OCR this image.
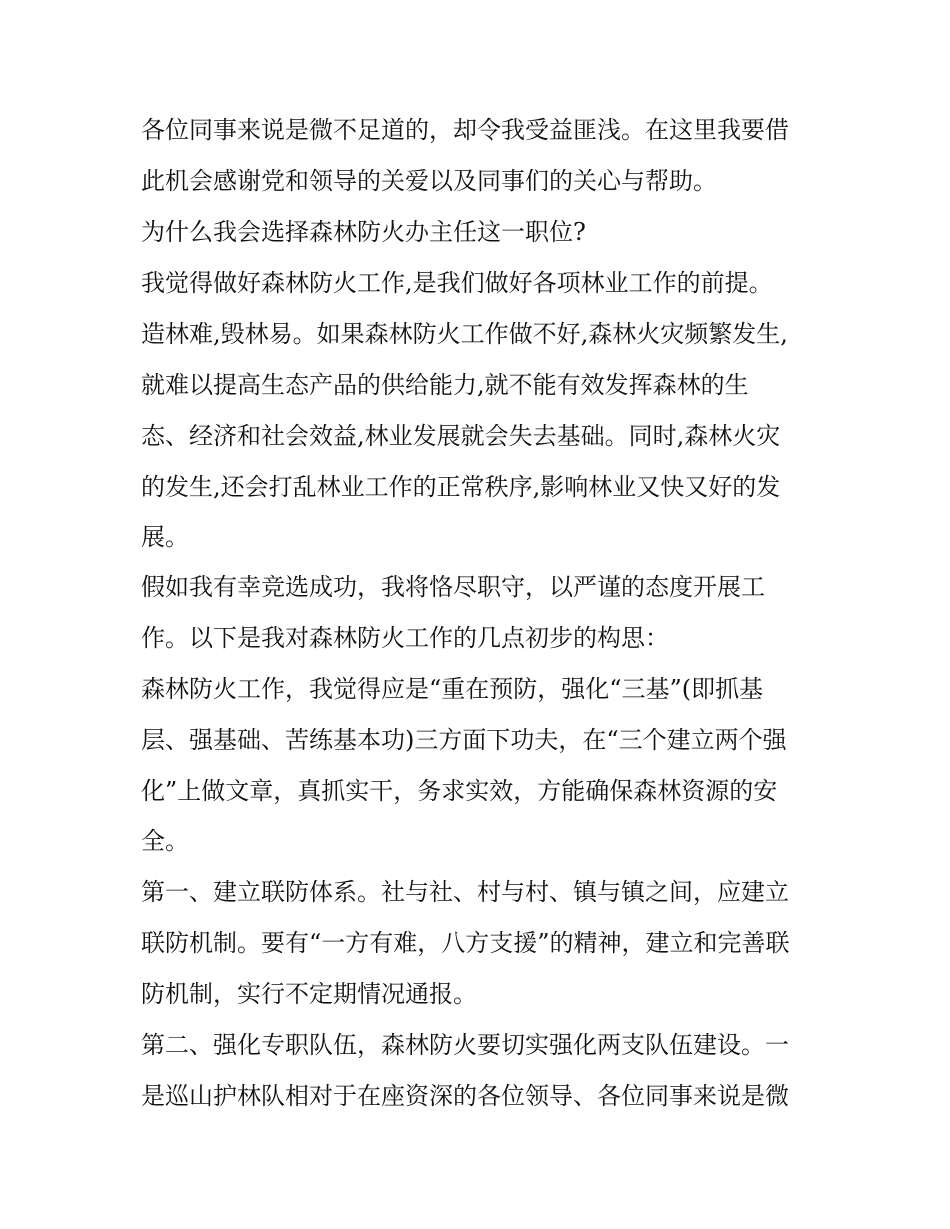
各位同事来说是微不足道的，却令我受益匪浅。在这里我要借
此机会感谢党和领导的关爱以及同事们的关心与帮助。
为什么我会选择森林防火办主任这一职位?
我觉得做好森林防火工作,是我们做好各项林业工作的前提。
造林难,毁林易。如果森林防火工作做不好,森林火灾频繁发生,
就难以提高生态产品的供给能力,就不能有效发挥森林的生
态、经济和社会效益,林业发展就会失去基础。同时,森林火灾
的发生,还会打乱林业工作的正常秩序,影响林业又快又好的发
展。
假如我有幸竞选成功，我将恪尽职守，以严谨的态度开展工
作。以下是我对森林防火工作的几点初步的构思：
森林防火工作，我觉得应是“重在预防，强化“三基”(即抓基
层、强基础、苦练基本功)三方面下功夫，在“三个建立两个强
化”上做文章，真抓实干，务求实效，方能确保森林资源的安
全。
第一、建立联防体系。社与社、村与村、镇与镇之间，应建立
联防机制。要有“一方有难，八方支援”的精神，建立和完善联
防机制，实行不定期情况通报。
第二、强化专职队伍，森林防火要切实强化两支队伍建设。一
是巡山护林队相对于在座资深的各位领导、各位同事来说是微
